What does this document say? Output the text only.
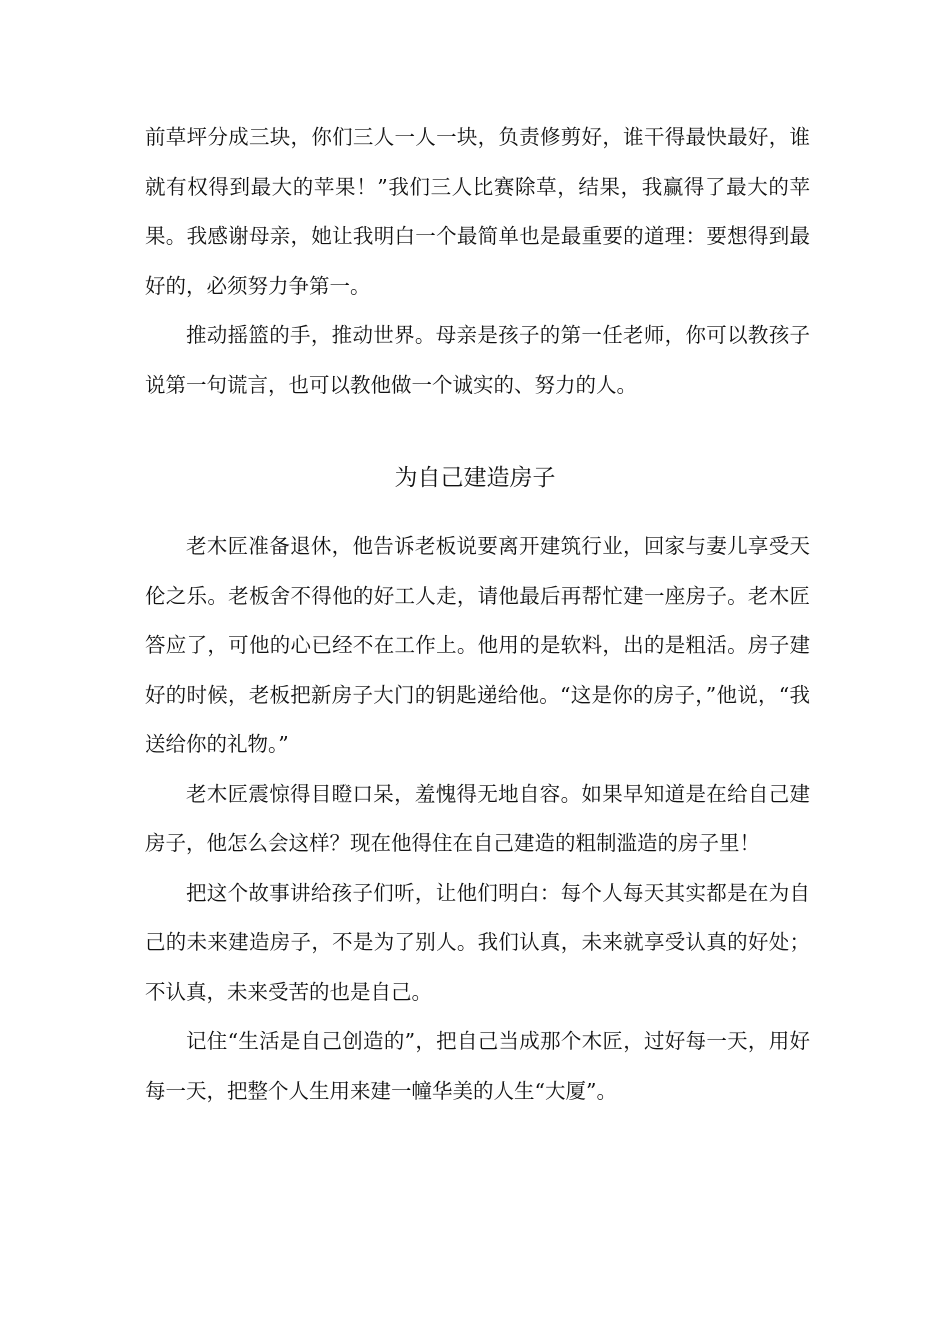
前草坪分成三块，你们三人一人一块，负责修剪好，谁干得最快最好，谁就有权得到最大的苹果！”我们三人比赛除草，结果，我赢得了最大的苹果。我感谢母亲，她让我明白一个最简单也是最重要的道理：要想得到最好的，必须努力争第一。

推动摇篮的手，推动世界。母亲是孩子的第一任老师，你可以教孩子说第一句谎言，也可以教他做一个诚实的、努力的人。

为自己建造房子

老木匠准备退休，他告诉老板说要离开建筑行业，回家与妻儿享受天伦之乐。老板舍不得他的好工人走，请他最后再帮忙建一座房子。老木匠答应了，可他的心已经不在工作上。他用的是软料，出的是粗活。房子建好的时候，老板把新房子大门的钥匙递给他。“这是你的房子，”他说，“我送给你的礼物。”

老木匠震惊得目瞪口呆，羞愧得无地自容。如果早知道是在给自己建房子，他怎么会这样？现在他得住在自己建造的粗制滥造的房子里！

把这个故事讲给孩子们听，让他们明白：每个人每天其实都是在为自己的未来建造房子，不是为了别人。我们认真，未来就享受认真的好处；不认真，未来受苦的也是自己。

记住“生活是自己创造的”，把自己当成那个木匠，过好每一天，用好每一天，把整个人生用来建一幢华美的人生“大厦”。
